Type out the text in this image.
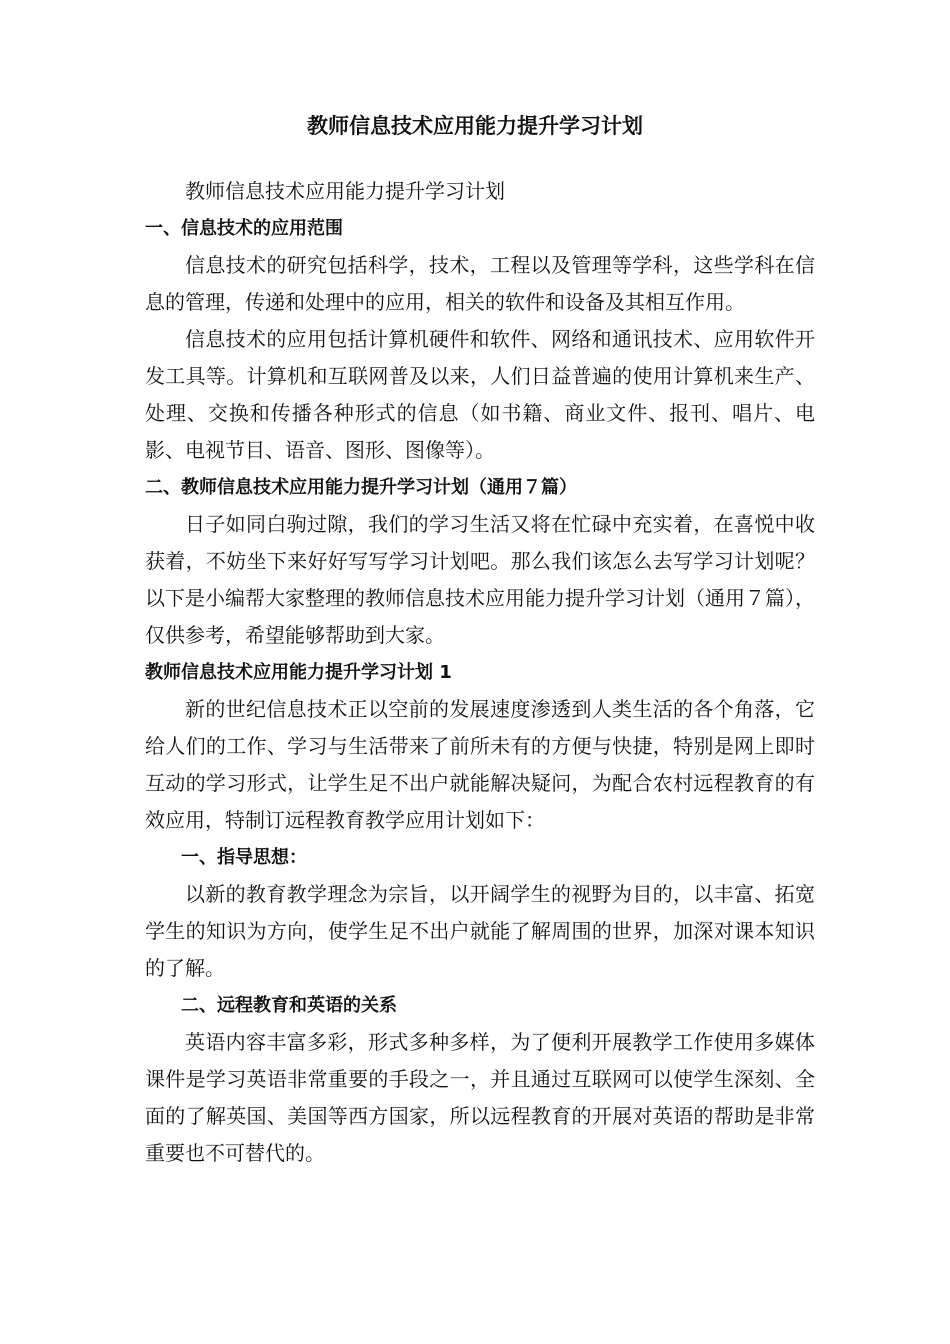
教师信息技术应用能力提升学习计划

教师信息技术应用能力提升学习计划

一、信息技术的应用范围

信息技术的研究包括科学，技术，工程以及管理等学科，这些学科在信息的管理，传递和处理中的应用，相关的软件和设备及其相互作用。

信息技术的应用包括计算机硬件和软件、网络和通讯技术、应用软件开发工具等。计算机和互联网普及以来，人们日益普遍的使用计算机来生产、处理、交换和传播各种形式的信息（如书籍、商业文件、报刊、唱片、电影、电视节目、语音、图形、图像等）。

二、教师信息技术应用能力提升学习计划（通用７篇）

日子如同白驹过隙，我们的学习生活又将在忙碌中充实着，在喜悦中收获着，不妨坐下来好好写写学习计划吧。那么我们该怎么去写学习计划呢？以下是小编帮大家整理的教师信息技术应用能力提升学习计划（通用７篇），仅供参考，希望能够帮助到大家。

教师信息技术应用能力提升学习计划 1

新的世纪信息技术正以空前的发展速度渗透到人类生活的各个角落，它给人们的工作、学习与生活带来了前所未有的方便与快捷，特别是网上即时互动的学习形式，让学生足不出户就能解决疑问，为配合农村远程教育的有效应用，特制订远程教育教学应用计划如下：

一、指导思想：

以新的教育教学理念为宗旨，以开阔学生的视野为目的，以丰富、拓宽学生的知识为方向，使学生足不出户就能了解周围的世界，加深对课本知识的了解。

二、远程教育和英语的关系

英语内容丰富多彩，形式多种多样，为了便利开展教学工作使用多媒体课件是学习英语非常重要的手段之一，并且通过互联网可以使学生深刻、全面的了解英国、美国等西方国家，所以远程教育的开展对英语的帮助是非常重要也不可替代的。
